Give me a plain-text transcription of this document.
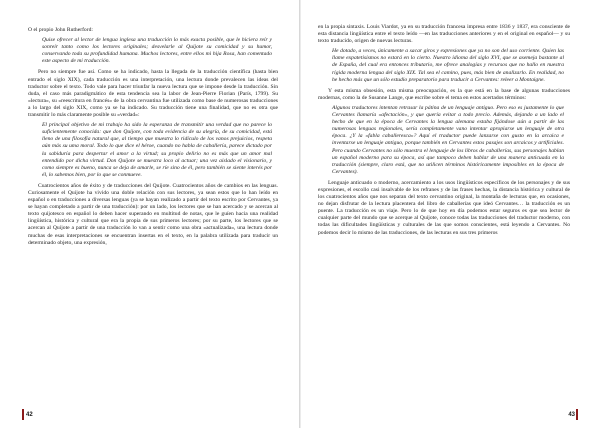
O el propio John Rutherford:

Quise ofrecer al lector de lengua inglesa una traducción lo más exacta posible, que le hiciera reír y sonreír tanto como los lectores originales; desvelarle al Quijote su comicidad y su humor, conservando toda su profundidad humana. Muchos lectores, entre ellos mi hija Rosa, han comentado este aspecto de mi traducción.

Pero no siempre fue así. Como se ha indicado, hasta la llegada de la traducción científica (hasta bien entrado el siglo XIX), cada traducción es una interpretación, una lectura donde prevalecen las ideas del traductor sobre el texto. Todo vale para hacer triunfar la nueva lectura que se impone desde la traducción. Sin duda, el caso más paradigmático de esta tendencia sea la labor de Jean-Pierre Florian (París, 1799). Su «lectura», su «reescritura en francés» de la obra cervantina fue utilizada como base de numerosas traducciones a lo largo del siglo XIX, como ya se ha indicado. Su traducción tiene una finalidad, que no es otra que transmitir lo más claramente posible su «verdad»:

El principal objetivo de mi trabajo ha sido la esperanza de transmitir una verdad que no parece lo suficientemente conocida: que don Quijote, con toda evidencia de su alegría, de su comicidad, está lleno de una filosofía natural que, al tiempo que muestra lo ridículo de los vanos prejuicios, respeta aún más su uma moral. Todo lo que dice el héroe, cuando no habla de caballería, parece dictado por la sabiduría para despertar el amor a la virtud; su propio delirio no es más que un amor mal entendido por dicha virtud. Don Quijote se muestra loco al actuar; una vez aislado el visionario, y como siempre es bueno, nunca se deja de amarle, se ríe sino de él, pero también se siente interés por él, lo sabemos bien, por lo que se conmueve.

Cuatrocientos años de éxito y de traducciones del Quijote. Cuatrocientos años de cambios en las lenguas. Curiosamente el Quijote ha vivido una doble relación con sus lectores, ya sean estos que lo han leído en español o en traducciones a diversas lenguas (ya se hayan realizado a partir del texto escrito por Cervantes, ya se hayan completado a partir de una traducción): por un lado, los lectores que se han acercado y se acercan al texto quijotesco en español lo deben hacer superando en multitud de notas, que le guíen hacia una realidad lingüística, histórica y cultural que era la propia de sus primeros lectores; por su parte, los lectores que se acercan al Quijote a partir de una traducción lo van a sentir como una obra «actualizada», una lectura donde muchas de esas interpretaciones se encuentran insertas en el texto, en la palabra utilizada para traducir un determinado objeto, una expresión,

42

en la propia sintaxis. Louis Viardot, ya en su traducción francesa impresa entre 1836 y 1837, era consciente de esta distancia lingüística entre el texto leído —en las traducciones anteriores y en el original en español— y su texto traducido, origen de nuevas lecturas.

He dotado, a veces, únicamente a sacar giros y expresiones que ya no son del uso corriente. Quien las llame expatetisismos no estará en lo cierto. Nuestro idioma del siglo XVI, que se asemeja bastante al de España, del cual era entonces tributario, me ofrece analogías y recursos que no hallo en nuestra rígida moderna lengua del siglo XIX. Tal sea el camino, pues, más bien de analizarlo. En realidad, no he hecho más que un sólo estudio preparatorio para traducir a Cervantes: releer a Montaigne.

Y esta misma obsesión, esta misma preocupación, es la que está en la base de algunas traducciones modernas, como la de Susanne Lange, que escribe sobre el tema en estos acertados términos:

Algunos traductores intentan retrasar la pátina de un lenguaje antiguo. Pero eso es justamente lo que Cervantes llamaría «afectación», y que quería evitar a todo precio. Además, dejando a un lado el hecho de que en la época de Cervantes la lengua alemana estaba fijándose aún a partir de las numerosas lenguas regionales, sería completamente vano intentar apropiarse un lenguaje de otra época. ¿Y la «fabla caballeresca»? Aquí el traductor puede lanzarse con gusto en la arcaica e inventarse un lenguaje antiguo, porque también en Cervantes estos pasajes son arcaicos y artificiales. Pero cuando Cervantes no sólo muestra el lenguaje de los libros de caballerías, sus personajes hablan un español moderno para su época, así que tampoco deben hablar de una manera anticuada en la traducción (siempre, claro está, que no utilicen términos históricamente imposibles en la época de Cervantes).

Lenguaje anticuado o moderno, acercamiento a los usos lingüísticos específicos de los personajes y de sus expresiones, el escollo casi insalvable de los refranes y de las frases hechas, la distancia histórica y cultural de los cuatrocientos años que nos separan del texto cervantino original, la montaña de lecturas que, en ocasiones, no dejan disfrutar de la lectura placentera del libro de caballerías que ideó Cervantes… la traducción es un puente. La traducción es un viaje. Pero lo de que hoy en día podemos estar seguros es que sea lector de cualquier parte del mundo que se acerque al Quijote, conoce todas las traducciones del traductor moderno, con todas las dificultades lingüísticas y culturales de las que somos conscientes, está leyendo a Cervantes. No podemos decir lo mismo de las traducciones, de las lecturas en sus tres primeros

43
